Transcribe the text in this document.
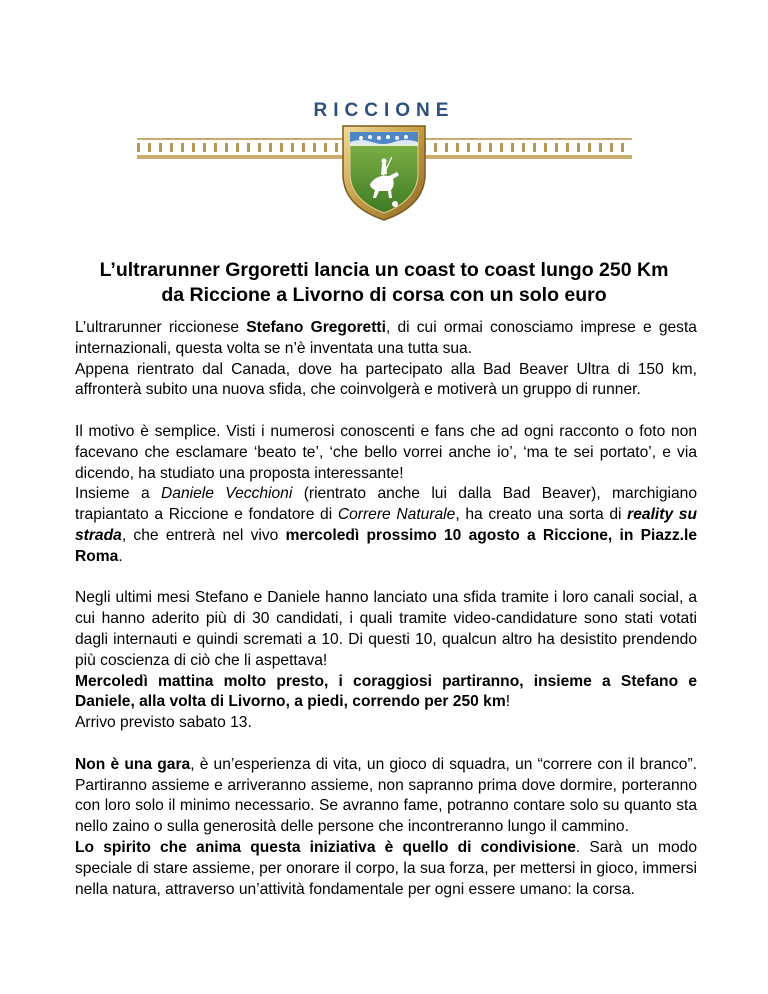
RICCIONE
L’ultrarunner Grgoretti lancia un coast to coast lungo 250 Km
da Riccione a Livorno di corsa con un solo euro

L’ultrarunner riccionese Stefano Gregoretti, di cui ormai conosciamo imprese e gesta internazionali, questa volta se n’è inventata una tutta sua.
Appena rientrato dal Canada, dove ha partecipato alla Bad Beaver Ultra di 150 km, affronterà subito una nuova sfida, che coinvolgerà e motiverà un gruppo di runner.

Il motivo è semplice. Visti i numerosi conoscenti e fans che ad ogni racconto o foto non facevano che esclamare ‘beato te’, ‘che bello vorrei anche io’, ‘ma te sei portato’, e via dicendo, ha studiato una proposta interessante!
Insieme a Daniele Vecchioni (rientrato anche lui dalla Bad Beaver), marchigiano trapiantato a Riccione e fondatore di Correre Naturale, ha creato una sorta di reality su strada, che entrerà nel vivo mercoledì prossimo 10 agosto a Riccione, in Piazz.le Roma.

Negli ultimi mesi Stefano e Daniele hanno lanciato una sfida tramite i loro canali social, a cui hanno aderito più di 30 candidati, i quali tramite video-candidature sono stati votati dagli internauti e quindi scremati a 10. Di questi 10, qualcun altro ha desistito prendendo più coscienza di ciò che li aspettava!
Mercoledì mattina molto presto, i coraggiosi partiranno, insieme a Stefano e Daniele, alla volta di Livorno, a piedi, correndo per 250 km!
Arrivo previsto sabato 13.

Non è una gara, è un’esperienza di vita, un gioco di squadra, un “correre con il branco”. Partiranno assieme e arriveranno assieme, non sapranno prima dove dormire, porteranno con loro solo il minimo necessario. Se avranno fame, potranno contare solo su quanto sta nello zaino o sulla generosità delle persone che incontreranno lungo il cammino.
Lo spirito che anima questa iniziativa è quello di condivisione. Sarà un modo speciale di stare assieme, per onorare il corpo, la sua forza, per mettersi in gioco, immersi nella natura, attraverso un’attività fondamentale per ogni essere umano: la corsa.
